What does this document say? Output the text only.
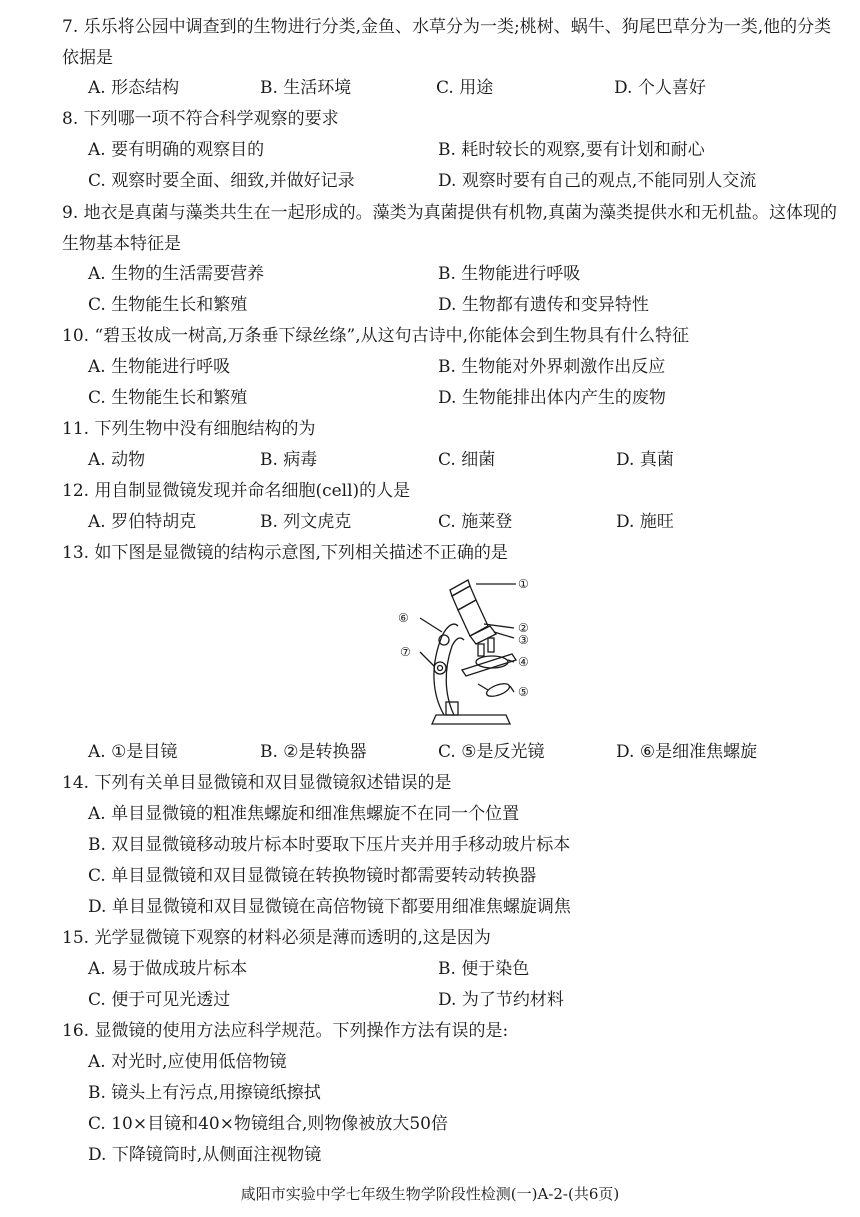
7. 乐乐将公园中调查到的生物进行分类,金鱼、水草分为一类;桃树、蜗牛、狗尾巴草分为一类,他的分类依据是
A. 形态结构	B. 生活环境	C. 用途	D. 个人喜好
8. 下列哪一项不符合科学观察的要求
A. 要有明确的观察目的	B. 耗时较长的观察,要有计划和耐心
C. 观察时要全面、细致,并做好记录	D. 观察时要有自己的观点,不能同别人交流
9. 地衣是真菌与藻类共生在一起形成的。藻类为真菌提供有机物,真菌为藻类提供水和无机盐。这体现的生物基本特征是
A. 生物的生活需要营养	B. 生物能进行呼吸
C. 生物能生长和繁殖	D. 生物都有遗传和变异特性
10. “碧玉妆成一树高,万条垂下绿丝绦”,从这句古诗中,你能体会到生物具有什么特征
A. 生物能进行呼吸	B. 生物能对外界刺激作出反应
C. 生物能生长和繁殖	D. 生物能排出体内产生的废物
11. 下列生物中没有细胞结构的为
A. 动物	B. 病毒	C. 细菌	D. 真菌
12. 用自制显微镜发现并命名细胞(cell)的人是
A. 罗伯特胡克	B. 列文虎克	C. 施莱登	D. 施旺
13. 如下图是显微镜的结构示意图,下列相关描述不正确的是
①
②
③
④
⑤
⑥
⑦
A. ①是目镜	B. ②是转换器	C. ⑤是反光镜	D. ⑥是细准焦螺旋
14. 下列有关单目显微镜和双目显微镜叙述错误的是
A. 单目显微镜的粗准焦螺旋和细准焦螺旋不在同一个位置
B. 双目显微镜移动玻片标本时要取下压片夹并用手移动玻片标本
C. 单目显微镜和双目显微镜在转换物镜时都需要转动转换器
D. 单目显微镜和双目显微镜在高倍物镜下都要用细准焦螺旋调焦
15. 光学显微镜下观察的材料必须是薄而透明的,这是因为
A. 易于做成玻片标本	B. 便于染色
C. 便于可见光透过	D. 为了节约材料
16. 显微镜的使用方法应科学规范。下列操作方法有误的是:
A. 对光时,应使用低倍物镜
B. 镜头上有污点,用擦镜纸擦拭
C. 10×目镜和40×物镜组合,则物像被放大50倍
D. 下降镜筒时,从侧面注视物镜
咸阳市实验中学七年级生物学阶段性检测(一)A-2-(共6页)
